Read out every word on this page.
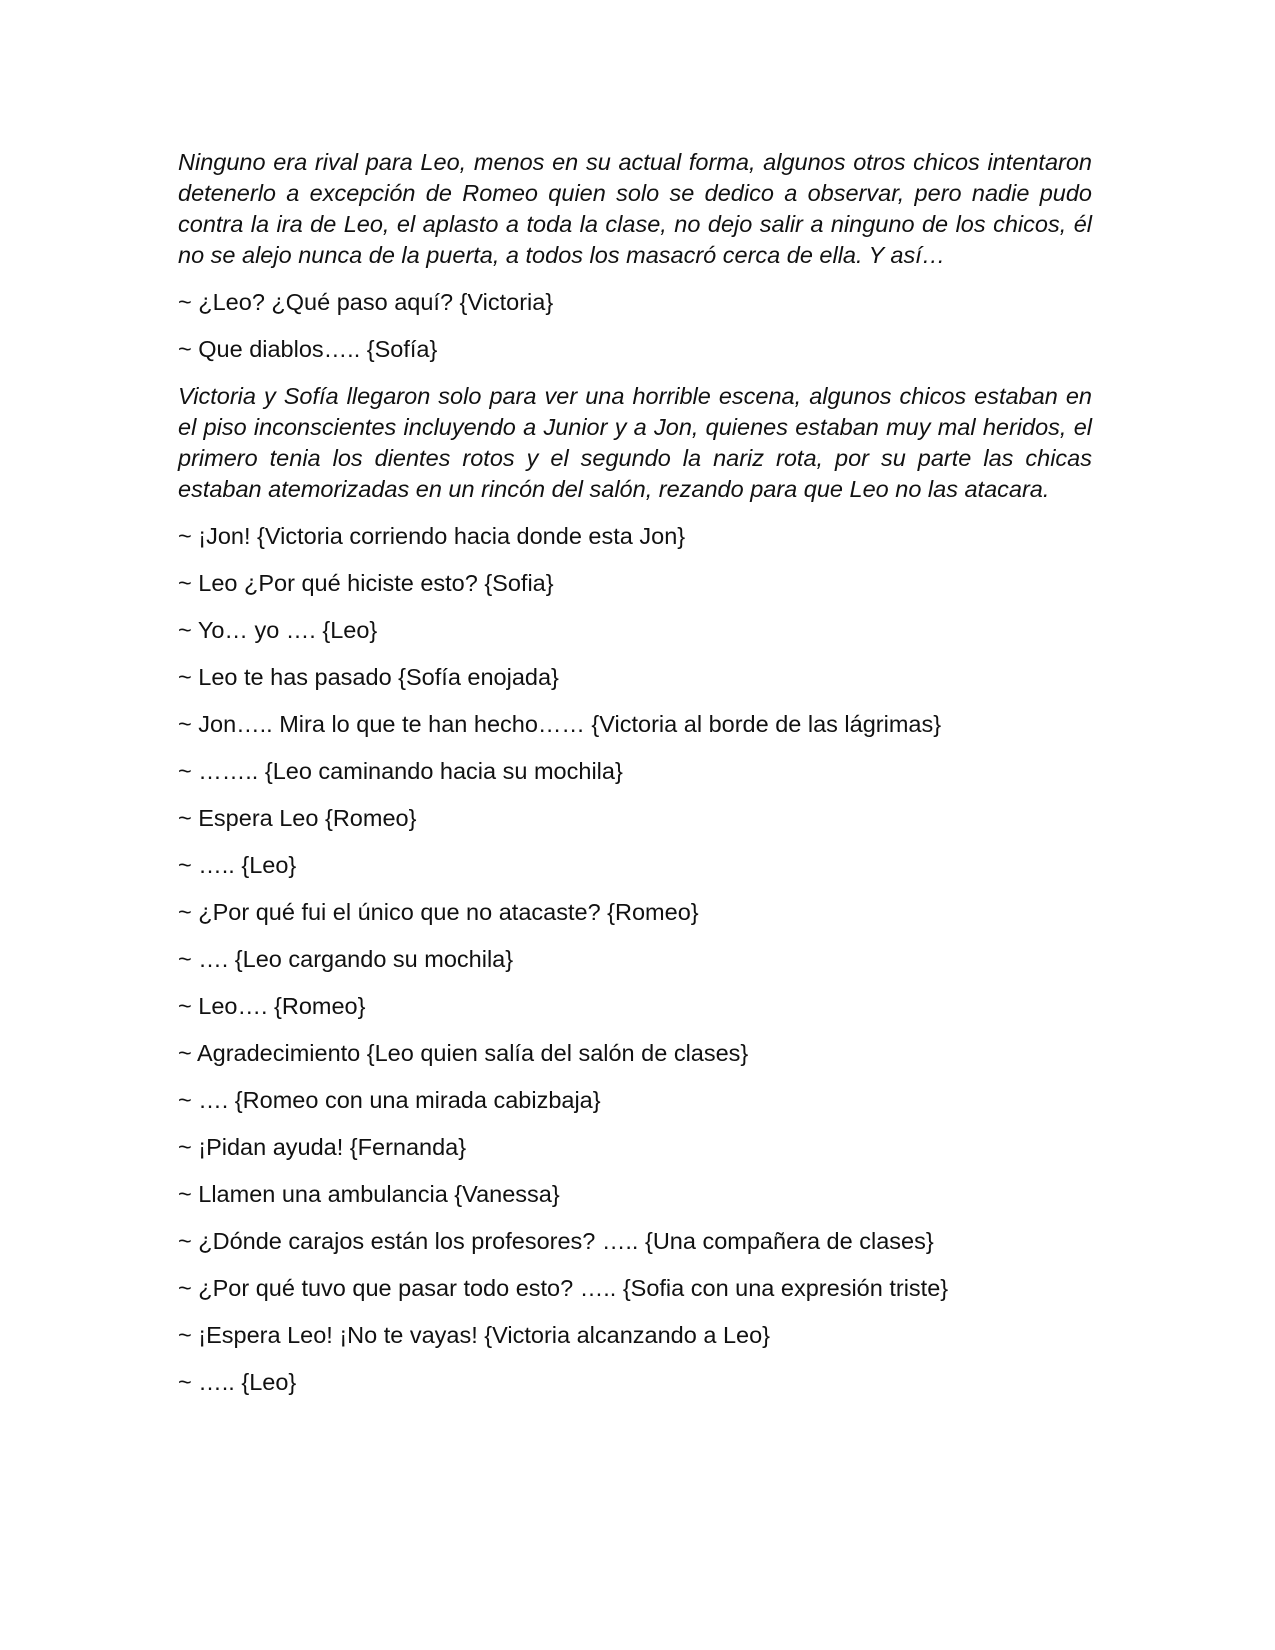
Ninguno era rival para Leo, menos en su actual forma, algunos otros chicos intentaron detenerlo a excepción de Romeo quien solo se dedico a observar, pero nadie pudo contra la ira de Leo, el aplasto a toda la clase, no dejo salir a ninguno de los chicos, él no se alejo nunca de la puerta, a todos los masacró cerca de ella. Y así…

~ ¿Leo? ¿Qué paso aquí? {Victoria}

~ Que diablos….. {Sofía}

Victoria y Sofía llegaron solo para ver una horrible escena, algunos chicos estaban en el piso inconscientes incluyendo a Junior y a Jon, quienes estaban muy mal heridos, el primero tenia los dientes rotos y el segundo la nariz rota, por su parte las chicas estaban atemorizadas en un rincón del salón, rezando para que Leo no las atacara.

~ ¡Jon! {Victoria corriendo hacia donde esta Jon}

~ Leo ¿Por qué hiciste esto? {Sofia}

~ Yo… yo …. {Leo}

~ Leo te has pasado {Sofía enojada}

~ Jon….. Mira lo que te han hecho…… {Victoria al borde de las lágrimas}

~ …….. {Leo caminando hacia su mochila}

~ Espera Leo {Romeo}

~ ….. {Leo}

~ ¿Por qué fui el único que no atacaste? {Romeo}

~ …. {Leo cargando su mochila}

~ Leo…. {Romeo}

~ Agradecimiento {Leo quien salía del salón de clases}

~ …. {Romeo con una mirada cabizbaja}

~ ¡Pidan ayuda! {Fernanda}

~ Llamen una ambulancia {Vanessa}

~ ¿Dónde carajos están los profesores? ….. {Una compañera de clases}

~ ¿Por qué tuvo que pasar todo esto? ….. {Sofia con una expresión triste}

~ ¡Espera Leo! ¡No te vayas! {Victoria alcanzando a Leo}

~ ….. {Leo}
